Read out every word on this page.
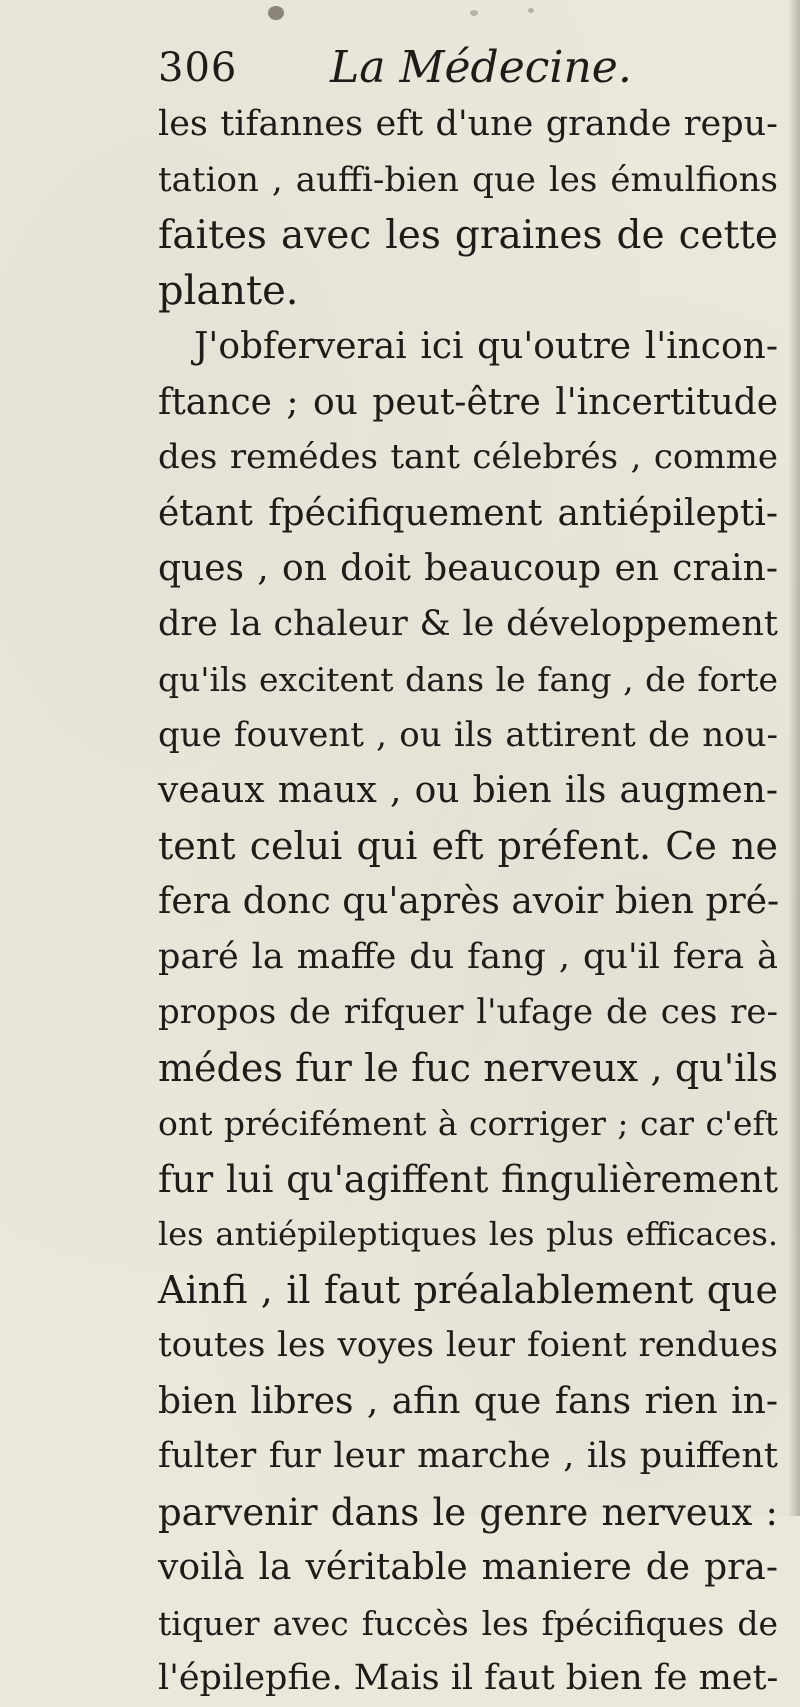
306 La Médecine.
les tifannes eft d'une grande repu-
tation , auffi-bien que les émulfions
faites avec les graines de cette
plante.
J'obferverai ici qu'outre l'incon-
ftance ; ou peut-être l'incertitude
des remédes tant célebrés , comme
étant fpécifiquement antiépilepti-
ques , on doit beaucoup en crain-
dre la chaleur & le développement
qu'ils excitent dans le fang , de forte
que fouvent , ou ils attirent de nou-
veaux maux , ou bien ils augmen-
tent celui qui eft préfent. Ce ne
fera donc qu'après avoir bien pré-
paré la maffe du fang , qu'il fera à
propos de rifquer l'ufage de ces re-
médes fur le fuc nerveux , qu'ils
ont précifément à corriger ; car c'eft
fur lui qu'agiffent fingulièrement
les antiépileptiques les plus efficaces.
Ainfi , il faut préalablement que
toutes les voyes leur foient rendues
bien libres , afin que fans rien in-
fulter fur leur marche , ils puiffent
parvenir dans le genre nerveux :
voilà la véritable maniere de pra-
tiquer avec fuccès les fpécifiques de
l'épilepfie. Mais il faut bien fe met-
